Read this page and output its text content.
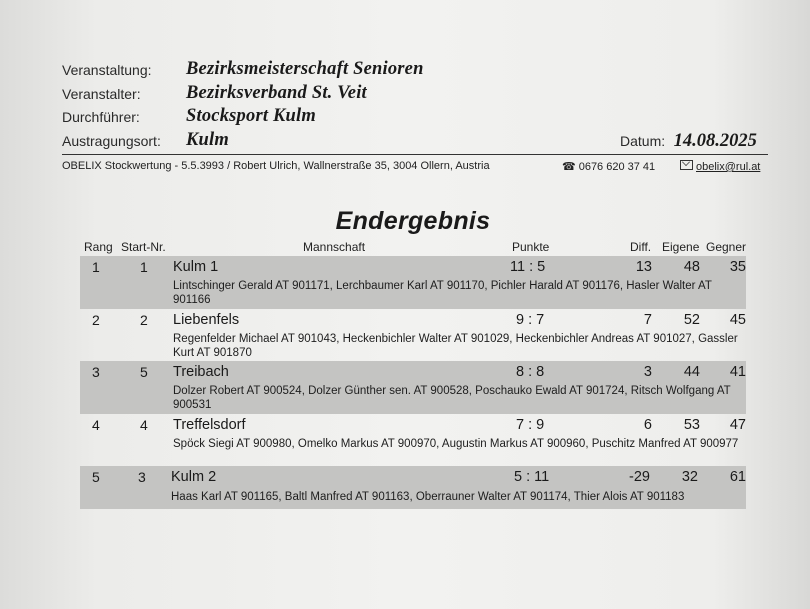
Veranstaltung: Bezirksmeisterschaft Senioren
Veranstalter: Bezirksverband St. Veit
Durchführer: Stocksport Kulm
Austragungsort: Kulm	Datum: 14.08.2025
OBELIX Stockwertung - 5.5.3993 / Robert Ulrich, Wallnerstraße 35, 3004 Ollern, Austria	☎ 0676 620 37 41	obelix@rul.at
Endergebnis
Rang Start-Nr.	Mannschaft	Punkte	Diff. Eigene Gegner
1	1 Kulm 1	11 : 5	13	48	35
Lintschinger Gerald AT 901171, Lerchbaumer Karl AT 901170, Pichler Harald AT 901176, Hasler Walter AT 901166
2	2 Liebenfels	9 : 7	7	52	45
Regenfelder Michael AT 901043, Heckenbichler Walter AT 901029, Heckenbichler Andreas AT 901027, Gassler Kurt AT 901870
3	5 Treibach	8 : 8	3	44	41
Dolzer Robert AT 900524, Dolzer Günther sen. AT 900528, Poschauko Ewald AT 901724, Ritsch Wolfgang AT 900531
4	4 Treffelsdorf	7 : 9	6	53	47
Spöck Siegi AT 900980, Omelko Markus AT 900970, Augustin Markus AT 900960, Puschitz Manfred AT 900977
5	3 Kulm 2	5 : 11	-29	32	61
Haas Karl AT 901165, Baltl Manfred AT 901163, Oberrauner Walter AT 901174, Thier Alois AT 901183
